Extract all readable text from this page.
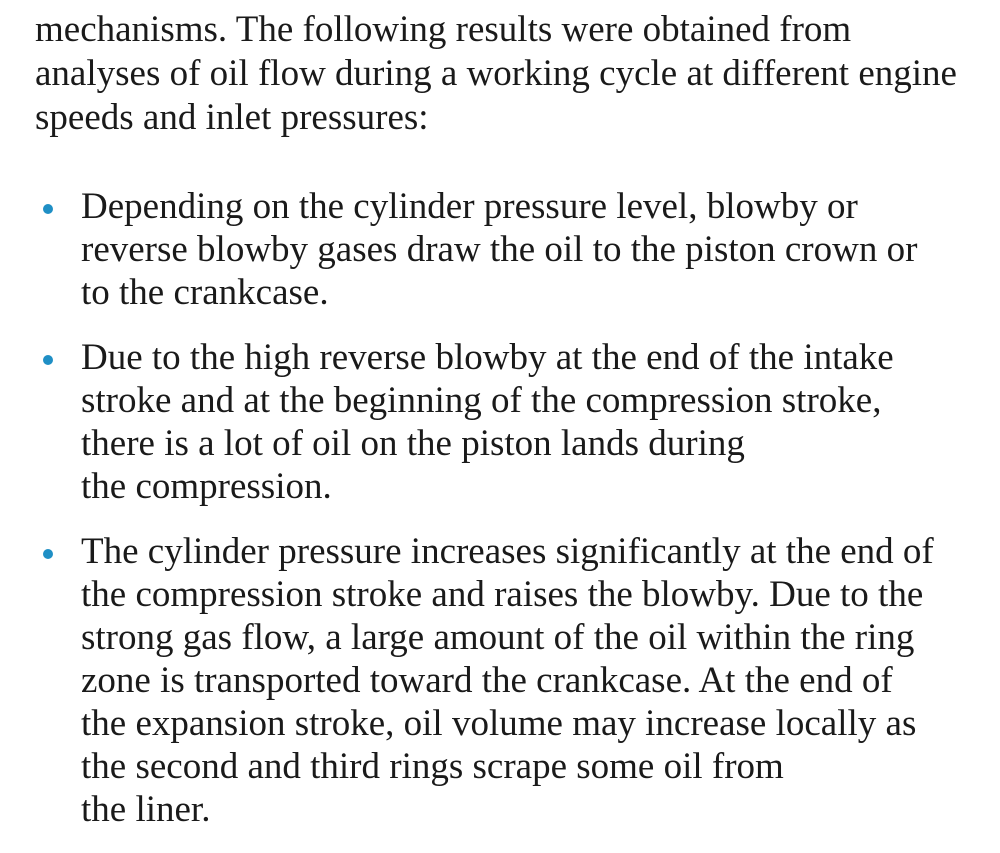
mechanisms. The following results were obtained from
analyses of oil flow during a working cycle at different engine
speeds and inlet pressures:
Depending on the cylinder pressure level, blowby or
reverse blowby gases draw the oil to the piston crown or
to the crankcase.
Due to the high reverse blowby at the end of the intake
stroke and at the beginning of the compression stroke,
there is a lot of oil on the piston lands during
the compression.
The cylinder pressure increases significantly at the end of
the compression stroke and raises the blowby. Due to the
strong gas flow, a large amount of the oil within the ring
zone is transported toward the crankcase. At the end of
the expansion stroke, oil volume may increase locally as
the second and third rings scrape some oil from
the liner.
